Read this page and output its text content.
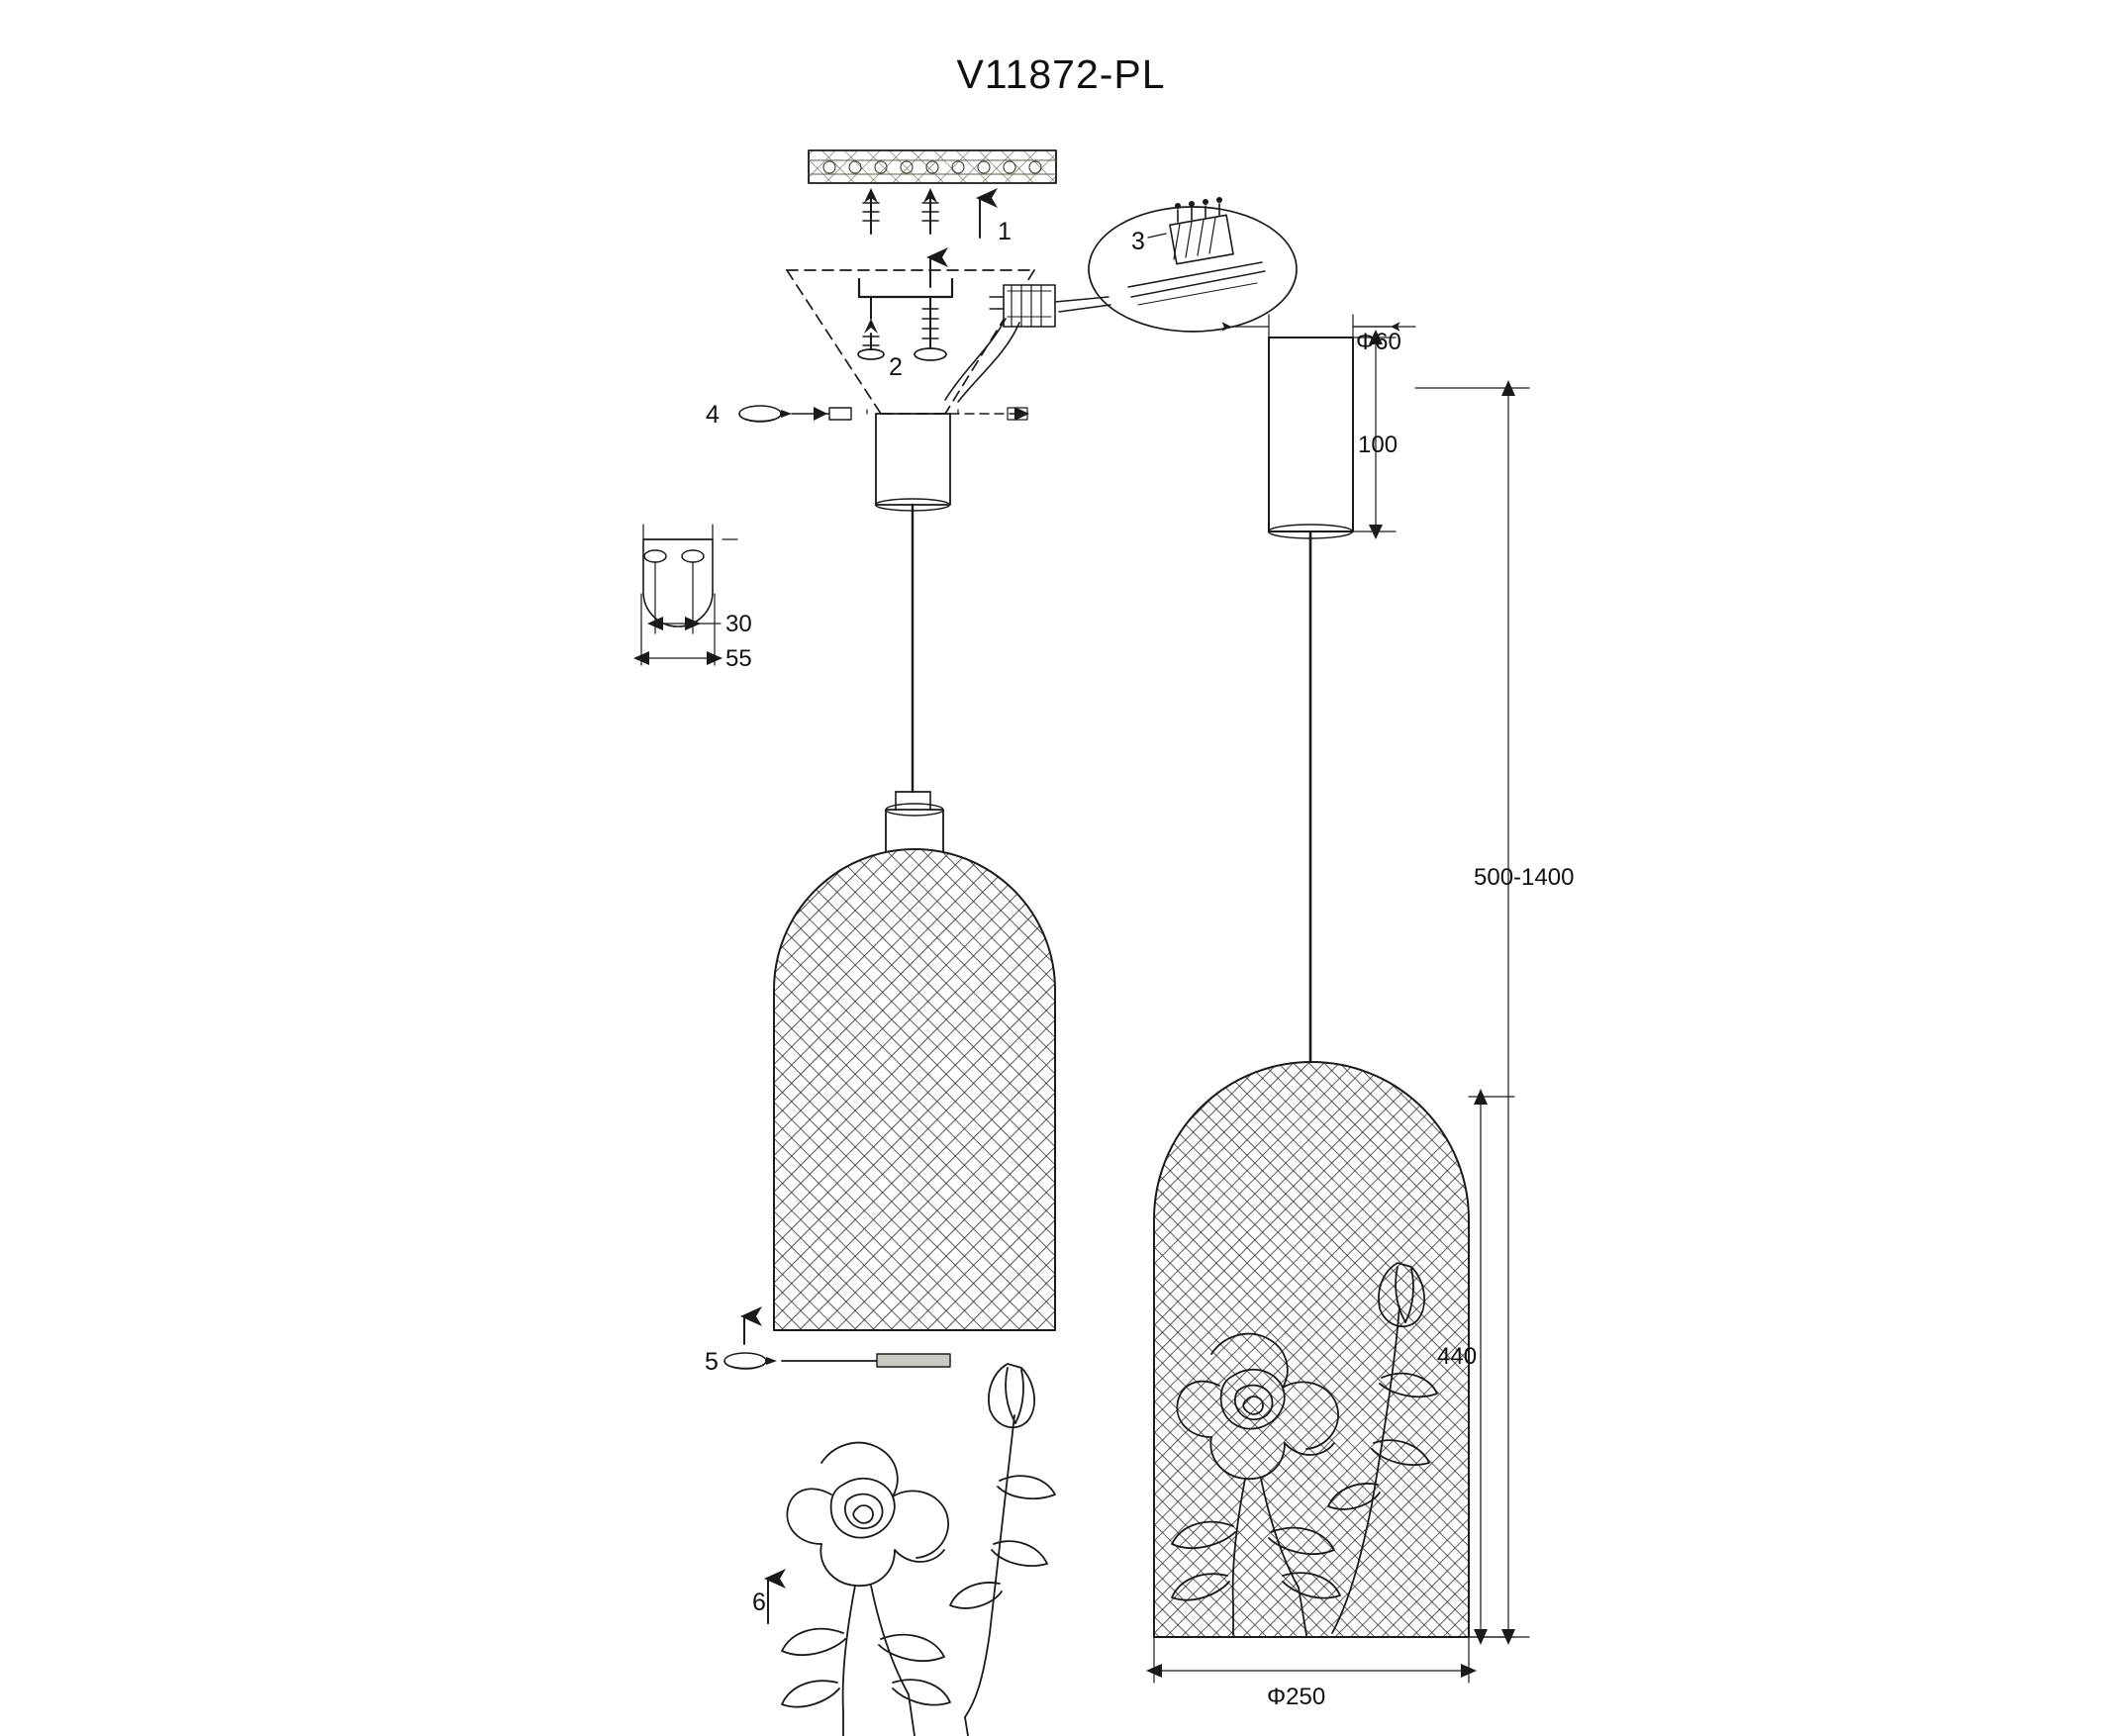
V11872-PL
1
2
3
4
5
6
Φ60
100
500-1400
440
Φ250
30
55
